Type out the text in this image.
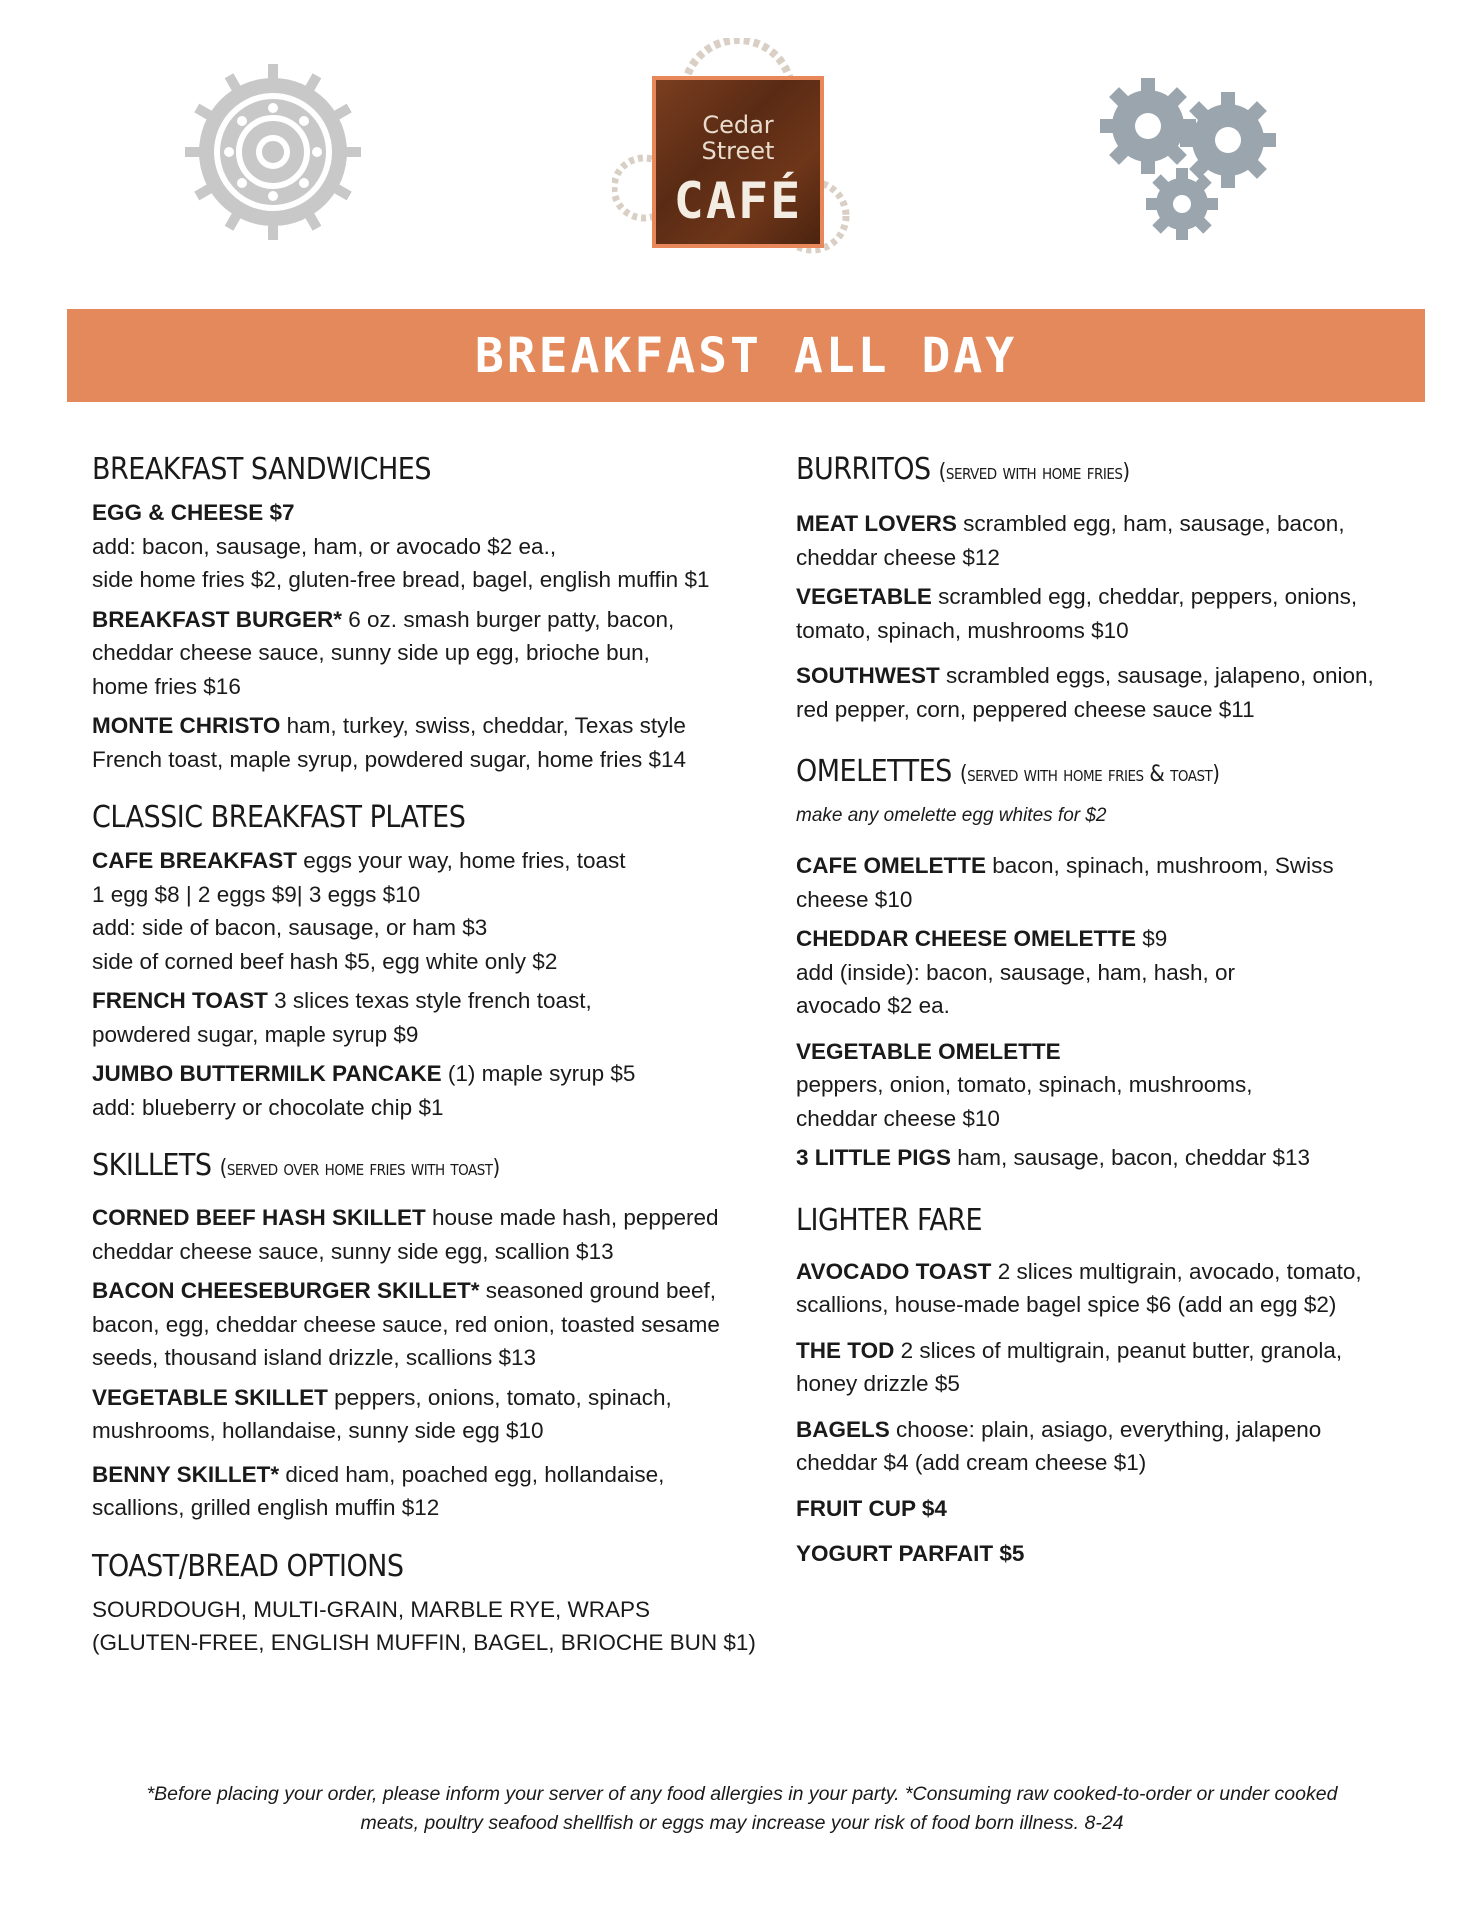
Cedar
Street
CAFÉ
BREAKFAST ALL DAY
BREAKFAST SANDWICHES

EGG & CHEESE $7

add: bacon, sausage, ham, or avocado $2 ea.,

side home fries $2, gluten-free bread, bagel, english muffin $1

BREAKFAST BURGER* 6 oz. smash burger patty, bacon,

cheddar cheese sauce, sunny side up egg, brioche bun,

home fries $16

MONTE CHRISTO ham, turkey, swiss, cheddar, Texas style

French toast, maple syrup, powdered sugar, home fries $14

CLASSIC BREAKFAST PLATES

CAFE BREAKFAST eggs your way, home fries, toast

1 egg $8 | 2 eggs $9| 3 eggs $10

add: side of bacon, sausage, or ham $3

side of corned beef hash $5, egg white only $2

FRENCH TOAST 3 slices texas style french toast,

powdered sugar, maple syrup $9

JUMBO BUTTERMILK PANCAKE (1) maple syrup $5

add: blueberry or chocolate chip $1

SKILLETS (served over home fries with toast)

CORNED BEEF HASH SKILLET house made hash, peppered

cheddar cheese sauce, sunny side egg, scallion $13

BACON CHEESEBURGER SKILLET* seasoned ground beef,

bacon, egg, cheddar cheese sauce, red onion, toasted sesame

seeds, thousand island drizzle, scallions $13

VEGETABLE SKILLET peppers, onions, tomato, spinach,

mushrooms, hollandaise, sunny side egg $10

BENNY SKILLET* diced ham, poached egg, hollandaise,

scallions, grilled english muffin $12

TOAST/BREAD OPTIONS

SOURDOUGH, MULTI-GRAIN, MARBLE RYE, WRAPS

(GLUTEN-FREE, ENGLISH MUFFIN, BAGEL, BRIOCHE BUN $1)

BURRITOS (served with home fries)

MEAT LOVERS scrambled egg, ham, sausage, bacon,

cheddar cheese $12

VEGETABLE scrambled egg, cheddar, peppers, onions,

tomato, spinach, mushrooms $10

SOUTHWEST scrambled eggs, sausage, jalapeno, onion,

red pepper, corn, peppered cheese sauce $11

OMELETTES (served with home fries & toast)

make any omelette egg whites for $2

CAFE OMELETTE bacon, spinach, mushroom, Swiss

cheese $10

CHEDDAR CHEESE OMELETTE $9

add (inside): bacon, sausage, ham, hash, or

avocado $2 ea.

VEGETABLE OMELETTE

peppers, onion, tomato, spinach, mushrooms,

cheddar cheese $10

3 LITTLE PIGS ham, sausage, bacon, cheddar $13

LIGHTER FARE

AVOCADO TOAST 2 slices multigrain, avocado, tomato,

scallions, house-made bagel spice $6 (add an egg $2)

THE TOD 2 slices of multigrain, peanut butter, granola,

honey drizzle $5

BAGELS choose: plain, asiago, everything, jalapeno

cheddar $4 (add cream cheese $1)

FRUIT CUP $4

YOGURT PARFAIT $5

*Before placing your order, please inform your server of any food allergies in your party. *Consuming raw cooked-to-order or under cooked
meats, poultry seafood shellfish or eggs may increase your risk of food born illness. 8-24
